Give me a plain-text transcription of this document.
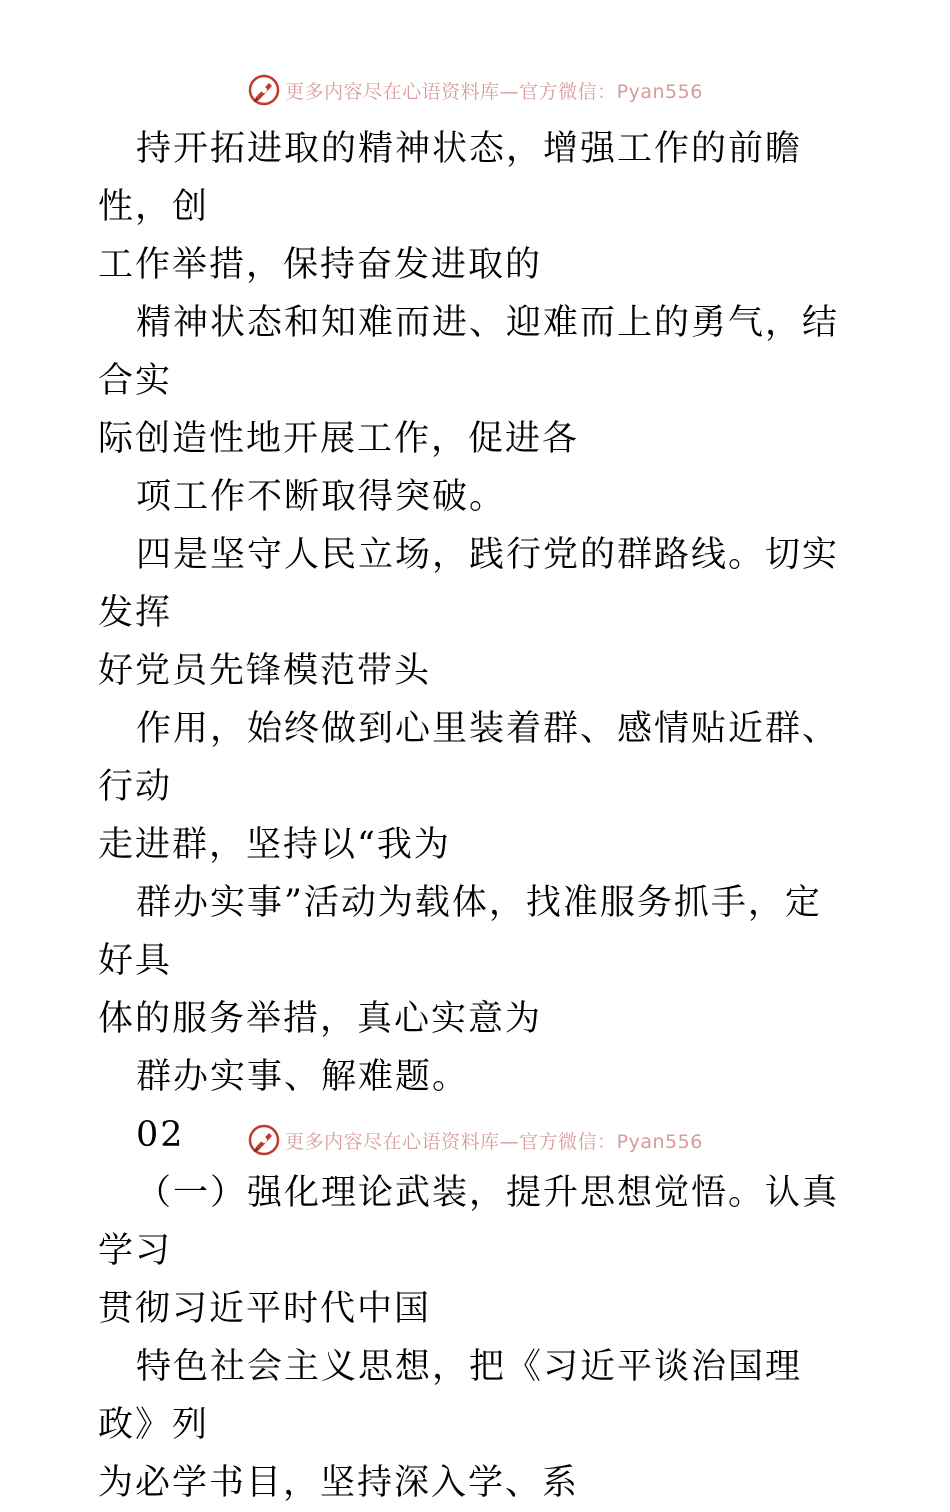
更多内容尽在心语资料库—官方微信：Pyan556

持开拓进取的精神状态，增强工作的前瞻性，创
工作举措，保持奋发进取的

精神状态和知难而进、迎难而上的勇气，结合实
际创造性地开展工作，促进各

项工作不断取得突破。

四是坚守人民立场，践行党的群路线。切实发挥
好党员先锋模范带头

作用，始终做到心里装着群、感情贴近群、行动
走进群，坚持以“我为

群办实事”活动为载体，找准服务抓手，定好具
体的服务举措，真心实意为

群办实事、解难题。

02

（一）强化理论武装，提升思想觉悟。认真学习
贯彻习近平时代中国

特色社会主义思想，把《习近平谈治国理政》列
为必学书目，坚持深入学、系

更多内容尽在心语资料库—官方微信：Pyan556
